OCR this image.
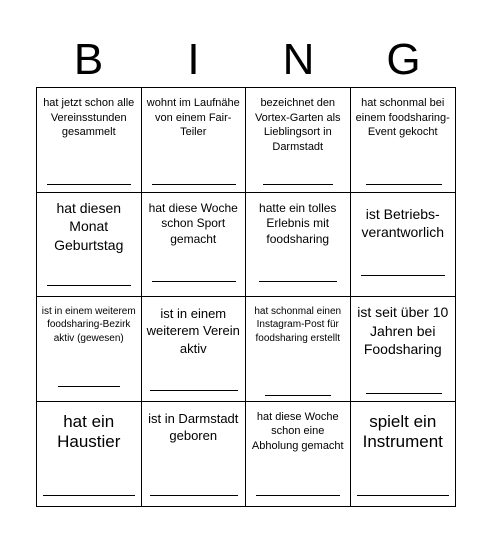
B	I	N	G
hat jetzt schon alle Vereinsstunden gesammelt
wohnt im Laufnähe von einem Fair-Teiler
bezeichnet den Vortex-Garten als Lieblingsort in Darmstadt
hat schonmal bei einem foodsharing-Event gekocht
hat diesen Monat Geburtstag
hat diese Woche schon Sport gemacht
hatte ein tolles Erlebnis mit foodsharing
ist Betriebs-verantworlich
ist in einem weiterem foodsharing-Bezirk aktiv (gewesen)
ist in einem weiterem Verein aktiv
hat schonmal einen Instagram-Post für foodsharing erstellt
ist seit über 10 Jahren bei Foodsharing
hat ein Haustier
ist in Darmstadt geboren
hat diese Woche schon eine Abholung gemacht
spielt ein Instrument
